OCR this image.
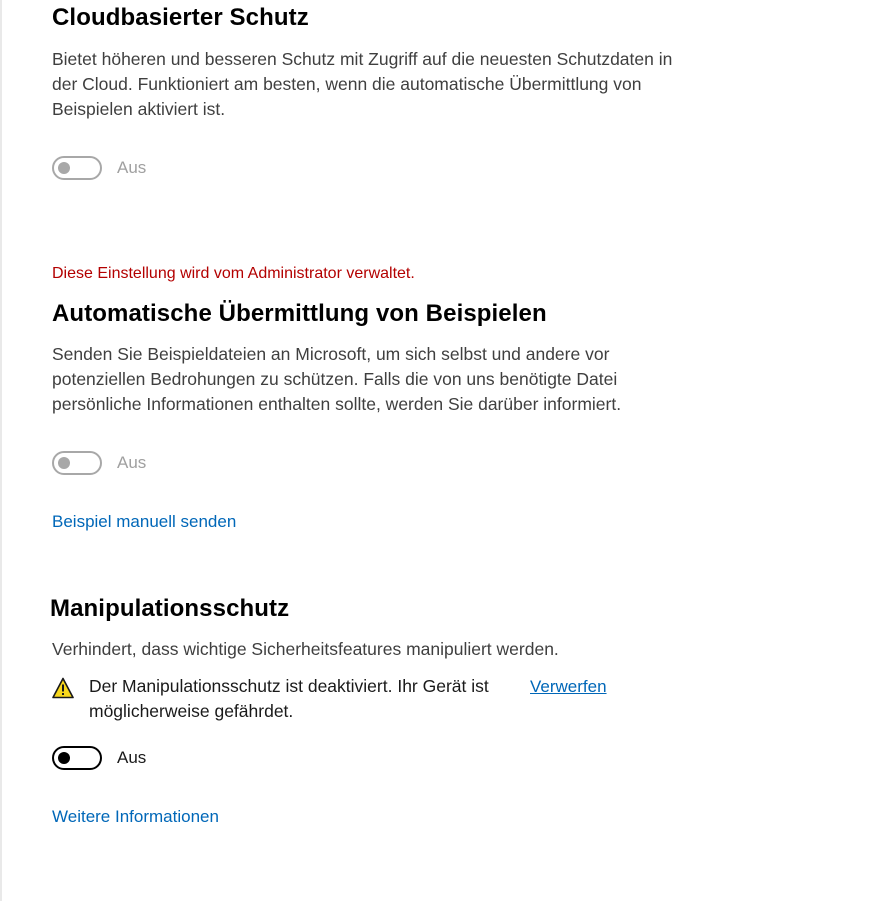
Cloudbasierter Schutz

Bietet höheren und besseren Schutz mit Zugriff auf die neuesten Schutzdaten in der Cloud. Funktioniert am besten, wenn die automatische Übermittlung von Beispielen aktiviert ist.

Aus
Diese Einstellung wird vom Administrator verwaltet.
Automatische Übermittlung von Beispielen

Senden Sie Beispieldateien an Microsoft, um sich selbst und andere vor potenziellen Bedrohungen zu schützen. Falls die von uns benötigte Datei persönliche Informationen enthalten sollte, werden Sie darüber informiert.

Aus
Beispiel manuell senden
Manipulationsschutz

Verhindert, dass wichtige Sicherheitsfeatures manipuliert werden.

Der Manipulationsschutz ist deaktiviert. Ihr Gerät ist möglicherweise gefährdet.
Verwerfen
Aus
Weitere Informationen
